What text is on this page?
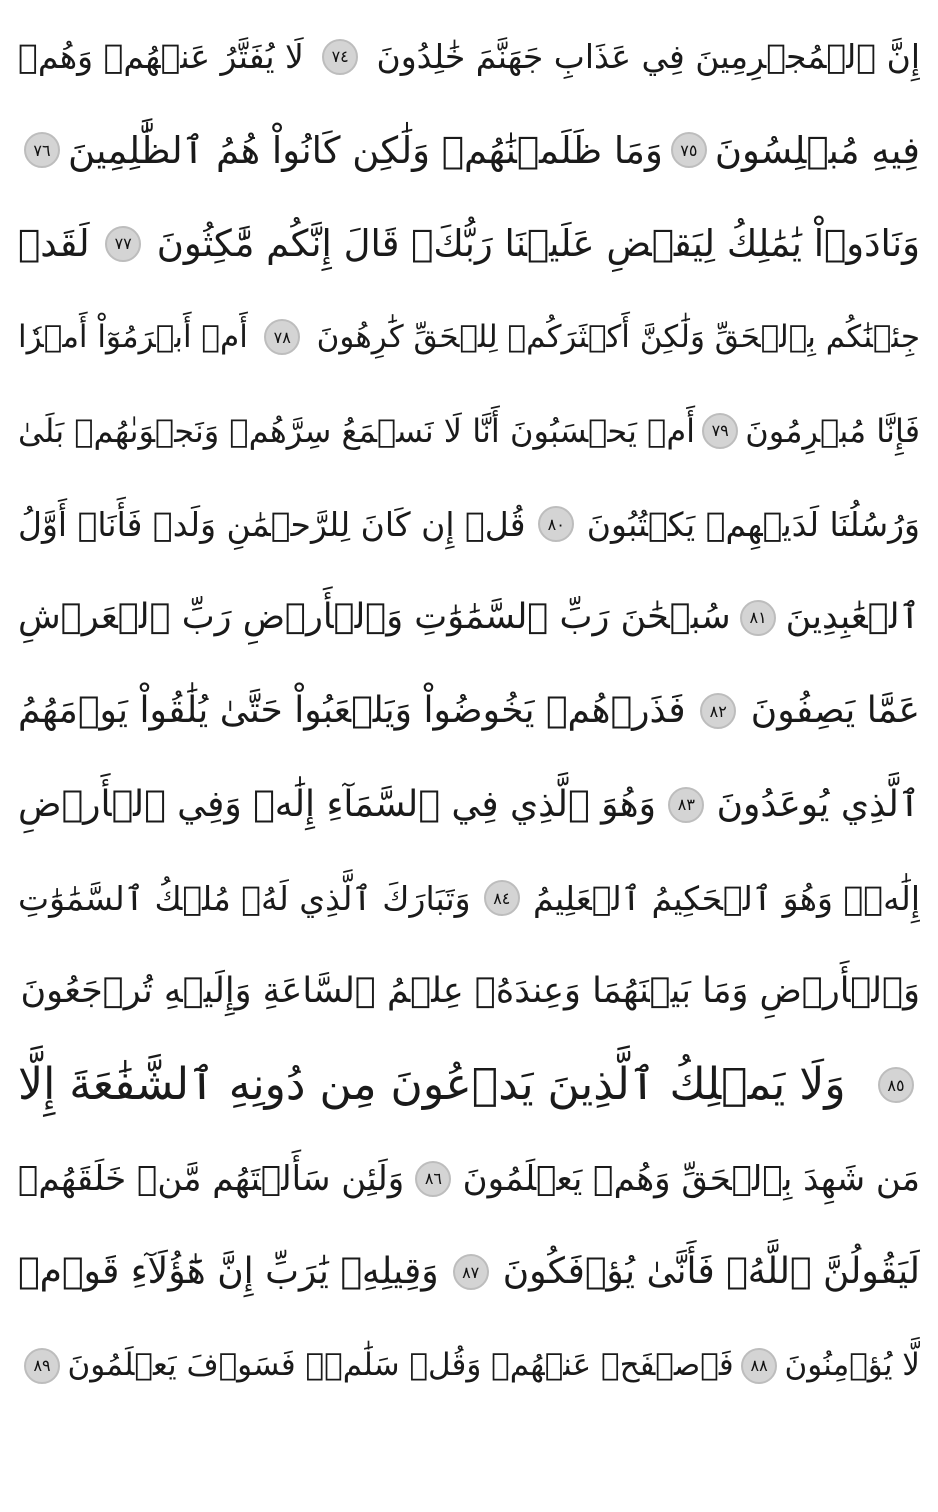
إِنَّ ٱلۡمُجۡرِمِينَ فِي عَذَابِ جَهَنَّمَ خَٰلِدُونَ
٧٤
لَا يُفَتَّرُ عَنۡهُمۡ وَهُمۡ
فِيهِ مُبۡلِسُونَ
٧٥
وَمَا ظَلَمۡنَٰهُمۡ وَلَٰكِن كَانُواْ هُمُ ٱلظَّٰلِمِينَ
٧٦
وَنَادَوۡاْ يَٰمَٰلِكُ لِيَقۡضِ عَلَيۡنَا رَبُّكَۖ قَالَ إِنَّكُم مَّٰكِثُونَ
٧٧
لَقَدۡ
جِئۡنَٰكُم بِٱلۡحَقِّ وَلَٰكِنَّ أَكۡثَرَكُمۡ لِلۡحَقِّ كَٰرِهُونَ
٧٨
أَمۡ أَبۡرَمُوٓاْ أَمۡرٗا
فَإِنَّا مُبۡرِمُونَ
٧٩
أَمۡ يَحۡسَبُونَ أَنَّا لَا نَسۡمَعُ سِرَّهُمۡ وَنَجۡوَىٰهُمۚ بَلَىٰ
وَرُسُلُنَا لَدَيۡهِمۡ يَكۡتُبُونَ
٨٠
قُلۡ إِن كَانَ لِلرَّحۡمَٰنِ وَلَدٞ فَأَنَا۠ أَوَّلُ
ٱلۡعَٰبِدِينَ
٨١
سُبۡحَٰنَ رَبِّ ٱلسَّمَٰوَٰتِ وَٱلۡأَرۡضِ رَبِّ ٱلۡعَرۡشِ
عَمَّا يَصِفُونَ
٨٢
فَذَرۡهُمۡ يَخُوضُواْ وَيَلۡعَبُواْ حَتَّىٰ يُلَٰقُواْ يَوۡمَهُمُ
ٱلَّذِي يُوعَدُونَ
٨٣
وَهُوَ ٱلَّذِي فِي ٱلسَّمَآءِ إِلَٰهٞ وَفِي ٱلۡأَرۡضِ
إِلَٰهٞۚ وَهُوَ ٱلۡحَكِيمُ ٱلۡعَلِيمُ
٨٤
وَتَبَارَكَ ٱلَّذِي لَهُۥ مُلۡكُ ٱلسَّمَٰوَٰتِ
وَٱلۡأَرۡضِ وَمَا بَيۡنَهُمَا وَعِندَهُۥ عِلۡمُ ٱلسَّاعَةِ وَإِلَيۡهِ تُرۡجَعُونَ
٨٥
وَلَا يَمۡلِكُ ٱلَّذِينَ يَدۡعُونَ مِن دُونِهِ ٱلشَّفَٰعَةَ إِلَّا
مَن شَهِدَ بِٱلۡحَقِّ وَهُمۡ يَعۡلَمُونَ
٨٦
وَلَئِن سَأَلۡتَهُم مَّنۡ خَلَقَهُمۡ
لَيَقُولُنَّ ٱللَّهُۖ فَأَنَّىٰ يُؤۡفَكُونَ
٨٧
وَقِيلِهِۦ يَٰرَبِّ إِنَّ هَٰٓؤُلَآءِ قَوۡمٞ
لَّا يُؤۡمِنُونَ
٨٨
فَٱصۡفَحۡ عَنۡهُمۡ وَقُلۡ سَلَٰمٞۚ فَسَوۡفَ يَعۡلَمُونَ
٨٩
